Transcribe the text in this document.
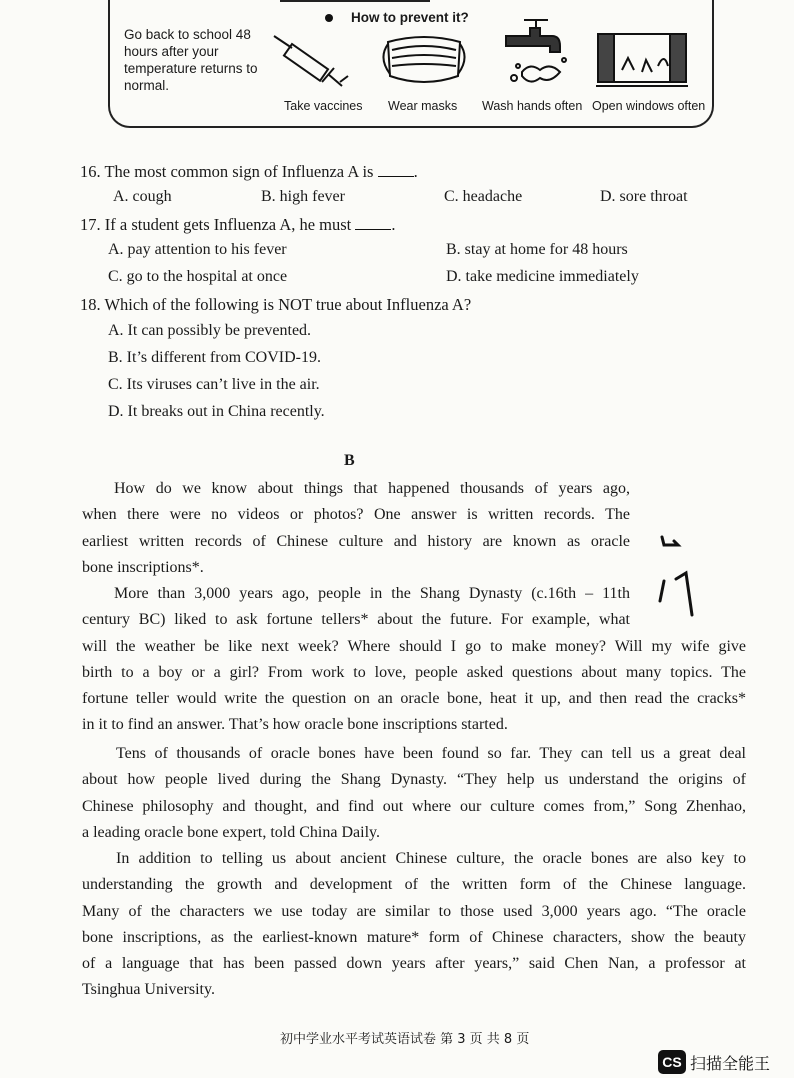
Go back to school 48 hours after your temperature returns to normal.
How to prevent it?
Take vaccines Wear masks Wash hands often Open windows often
16. The most common sign of Influenza A is .
A. cough	B. high fever	C. headache	D. sore throat
17. If a student gets Influenza A, he must .
A. pay attention to his fever	B. stay at home for 48 hours
C. go to the hospital at once	D. take medicine immediately
18. Which of the following is NOT true about Influenza A?
A. It can possibly be prevented.
B. It’s different from COVID-19.
C. Its viruses can’t live in the air.
D. It breaks out in China recently.
B
How do we know about things that happened thousands of years ago,
when there were no videos or photos? One answer is written records. The
earliest written records of Chinese culture and history are known as oracle
bone inscriptions*.
More than 3,000 years ago, people in the Shang Dynasty (c.16th – 11th
century BC) liked to ask fortune tellers* about the future. For example, what
will the weather be like next week? Where should I go to make money? Will my wife give
birth to a boy or a girl? From work to love, people asked questions about many topics. The
fortune teller would write the question on an oracle bone, heat it up, and then read the cracks*
in it to find an answer. That’s how oracle bone inscriptions started.
Tens of thousands of oracle bones have been found so far. They can tell us a great deal
about how people lived during the Shang Dynasty. “They help us understand the origins of
Chinese philosophy and thought, and find out where our culture comes from,” Song Zhenhao,
a leading oracle bone expert, told China Daily.
In addition to telling us about ancient Chinese culture, the oracle bones are also key to
understanding the growth and development of the written form of the Chinese language.
Many of the characters we use today are similar to those used 3,000 years ago. “The oracle
bone inscriptions, as the earliest-known mature* form of Chinese characters, show the beauty
of a language that has been passed down years after years,” said Chen Nan, a professor at
Tsinghua University.
初中学业水平考试英语试卷 第 3 页 共 8 页
CS 扫描全能王
